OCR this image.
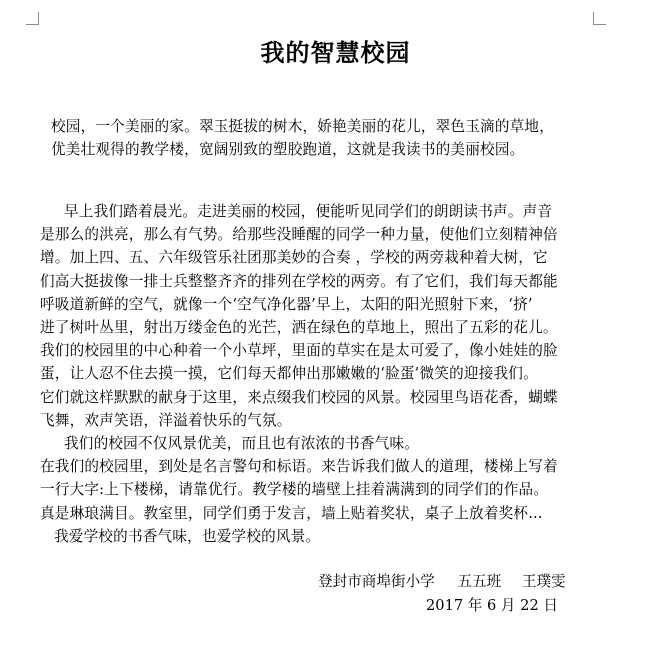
我的智慧校园
校园，一个美丽的家。翠玉挺拔的树木，娇艳美丽的花儿，翠色玉滴的草地，
优美壮观得的教学楼，宽阔别致的塑胶跑道，这就是我读书的美丽校园。
早上我们踏着晨光。走进美丽的校园，便能听见同学们的朗朗读书声。声音
是那么的洪亮，那么有气势。给那些没睡醒的同学一种力量，使他们立刻精神倍
增。加上四、五、六年级管乐社团那美妙的合奏 ，学校的两旁栽种着大树，它
们高大挺拔像一排士兵整整齐齐的排列在学校的两旁。有了它们，我们每天都能
呼吸道新鲜的空气，就像一个‘空气净化器’早上，太阳的阳光照射下来，‘挤’
进了树叶丛里，射出万缕金色的光芒，洒在绿色的草地上，照出了五彩的花儿。
我们的校园里的中心种着一个小草坪，里面的草实在是太可爱了，像小娃娃的脸
蛋，让人忍不住去摸一摸，它们每天都伸出那嫩嫩的‘脸蛋’微笑的迎接我们。
它们就这样默默的献身于这里，来点缀我们校园的风景。校园里鸟语花香，蝴蝶
飞舞，欢声笑语，洋溢着快乐的气氛。
我们的校园不仅风景优美，而且也有浓浓的书香气味。
在我们的校园里，到处是名言警句和标语。来告诉我们做人的道理，楼梯上写着
一行大字:上下楼梯，请靠优行。教学楼的墙壁上挂着满满到的同学们的作品。
真是琳琅满目。教室里，同学们勇于发言，墙上贴着奖状，桌子上放着奖杯...
我爱学校的书香气味，也爱学校的风景。
登封市商埠街小学 五五班 王璞雯
2017 年 6 月 22 日
